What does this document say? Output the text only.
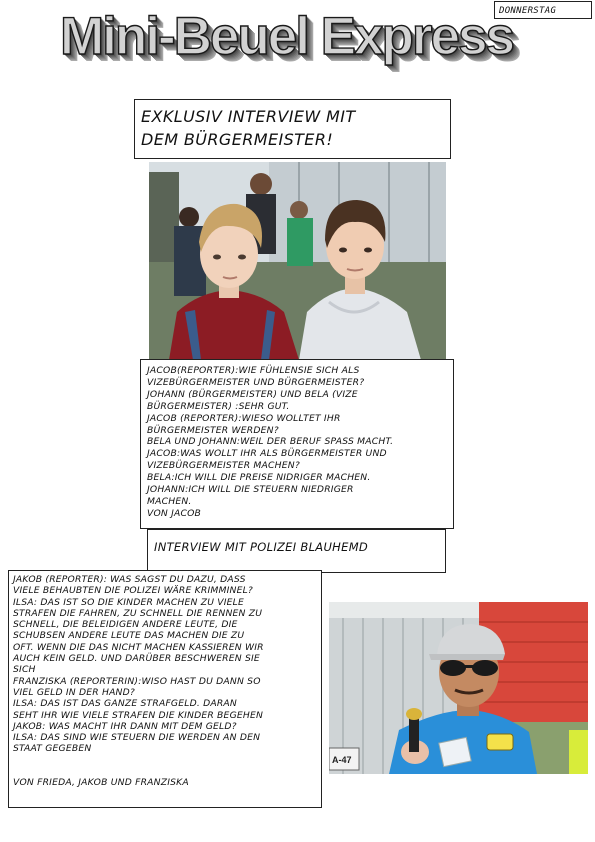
DONNERSTAG
Mini-Beuel Express
EXKLUSIV INTERVIEW MIT
DEM BÜRGERMEISTER!

JACOB(REPORTER):WIE FÜHLENSIE SICH ALS

VIZEBÜRGERMEISTER UND BÜRGERMEISTER?

JOHANN (BÜRGERMEISTER) UND BELA (VIZE

BÜRGERMEISTER) :SEHR GUT.

JACOB (REPORTER):WIESO WOLLTET IHR

BÜRGERMEISTER WERDEN?

BELA UND JOHANN:WEIL DER BERUF SPASS MACHT.

JACOB:WAS WOLLT IHR ALS BÜRGERMEISTER UND

VIZEBÜRGERMEISTER MACHEN?

BELA:ICH WILL DIE PREISE NIDRIGER MACHEN.

JOHANN:ICH WILL DIE STEUERN NIEDRIGER

MACHEN.

VON JACOB

INTERVIEW MIT POLIZEI BLAUHEMD

JAKOB (REPORTER): WAS SAGST DU DAZU, DASS

VIELE BEHAUBTEN DIE POLIZEI WÄRE KRIMMINEL?

ILSA: DAS IST SO DIE KINDER MACHEN ZU VIELE

STRAFEN DIE FAHREN, ZU SCHNELL DIE RENNEN ZU

SCHNELL, DIE BELEIDIGEN ANDERE LEUTE, DIE

SCHUBSEN ANDERE LEUTE DAS MACHEN DIE ZU

OFT. WENN DIE DAS NICHT MACHEN KASSIEREN WIR

AUCH KEIN GELD. UND DARÜBER BESCHWEREN SIE

SICH

FRANZISKA (REPORTERIN):WISO HAST DU DANN SO

VIEL GELD IN DER HAND?

ILSA: DAS IST DAS GANZE STRAFGELD. DARAN

SEHT IHR WIE VIELE STRAFEN DIE KINDER BEGEHEN

JAKOB: WAS MACHT IHR DANN MIT DEM GELD?

ILSA: DAS SIND WIE STEUERN DIE WERDEN AN DEN

STAAT GEGEBEN

VON FRIEDA, JAKOB UND FRANZISKA

A-47
